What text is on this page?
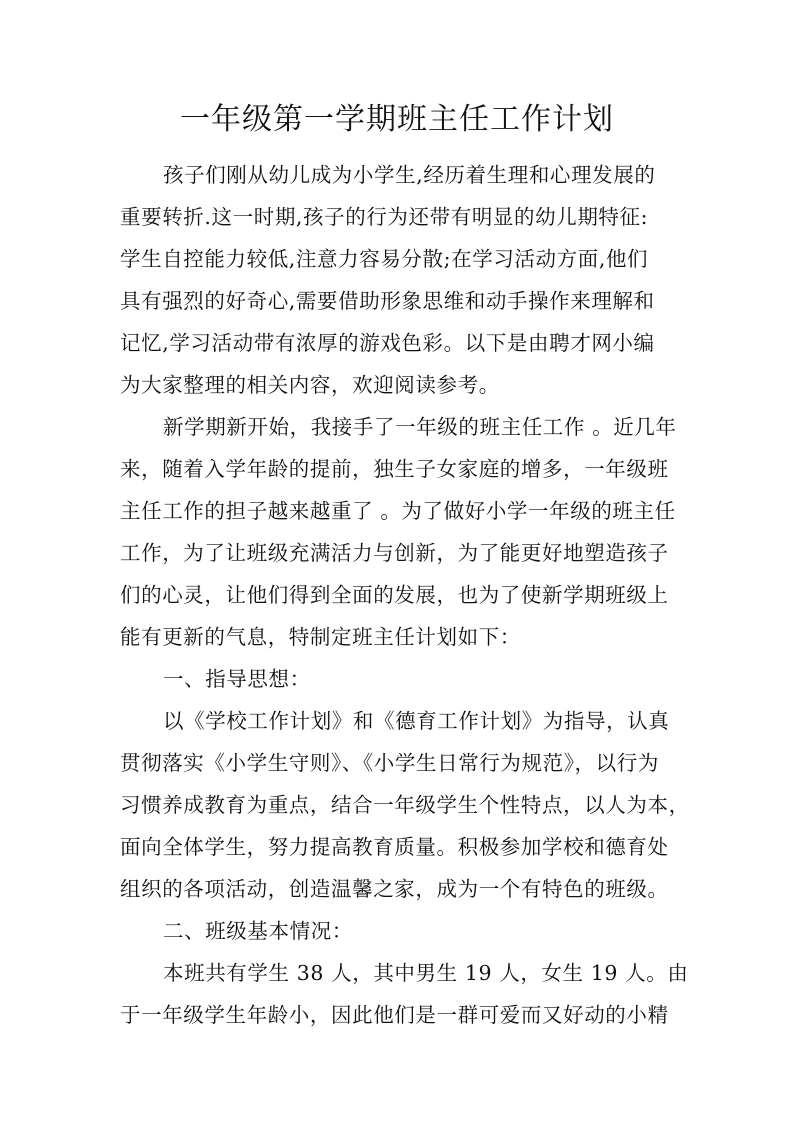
一年级第一学期班主任工作计划
孩子们刚从幼儿成为小学生,经历着生理和心理发展的
重要转折.这一时期,孩子的行为还带有明显的幼儿期特征:
学生自控能力较低,注意力容易分散;在学习活动方面,他们
具有强烈的好奇心,需要借助形象思维和动手操作来理解和
记忆,学习活动带有浓厚的游戏色彩。以下是由聘才网小编
为大家整理的相关内容，欢迎阅读参考。
新学期新开始，我接手了一年级的班主任工作 。近几年
来，随着入学年龄的提前，独生子女家庭的增多，一年级班
主任工作的担子越来越重了 。为了做好小学一年级的班主任
工作，为了让班级充满活力与创新，为了能更好地塑造孩子
们的心灵，让他们得到全面的发展，也为了使新学期班级上
能有更新的气息，特制定班主任计划如下：
一、指导思想：
以《学校工作计划》和《德育工作计划》为指导，认真
贯彻落实《小学生守则》、《小学生日常行为规范》，以行为
习惯养成教育为重点，结合一年级学生个性特点，以人为本，
面向全体学生，努力提高教育质量。积极参加学校和德育处
组织的各项活动，创造温馨之家，成为一个有特色的班级。
二、班级基本情况：
本班共有学生 38 人，其中男生 19 人，女生 19 人。由
于一年级学生年龄小，因此他们是一群可爱而又好动的小精
